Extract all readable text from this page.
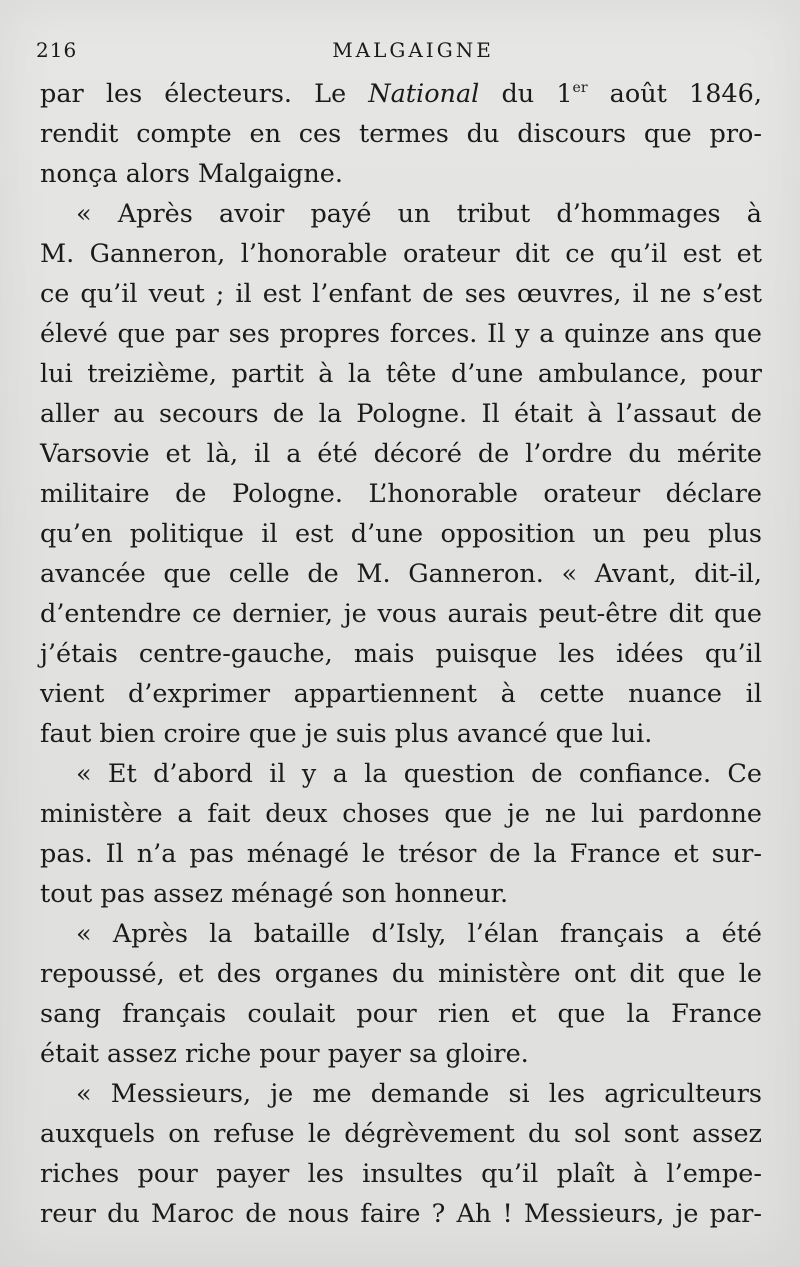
216	MALGAIGNE
par les électeurs. Le National du 1er août 1846,
rendit compte en ces termes du discours que pro-
nonça alors Malgaigne.
« Après avoir payé un tribut d’hommages à
M. Ganneron, l’honorable orateur dit ce qu’il est et
ce qu’il veut ; il est l’enfant de ses œuvres, il ne s’est
élevé que par ses propres forces. Il y a quinze ans que
lui treizième, partit à la tête d’une ambulance, pour
aller au secours de la Pologne. Il était à l’assaut de
Varsovie et là, il a été décoré de l’ordre du mérite
militaire de Pologne. L’honorable orateur déclare
qu’en politique il est d’une opposition un peu plus
avancée que celle de M. Ganneron. « Avant, dit-il,
d’entendre ce dernier, je vous aurais peut-être dit que
j’étais centre-gauche, mais puisque les idées qu’il
vient d’exprimer appartiennent à cette nuance il
faut bien croire que je suis plus avancé que lui.
« Et d’abord il y a la question de confiance. Ce
ministère a fait deux choses que je ne lui pardonne
pas. Il n’a pas ménagé le trésor de la France et sur-
tout pas assez ménagé son honneur.
« Après la bataille d’Isly, l’élan français a été
repoussé, et des organes du ministère ont dit que le
sang français coulait pour rien et que la France
était assez riche pour payer sa gloire.
« Messieurs, je me demande si les agriculteurs
auxquels on refuse le dégrèvement du sol sont assez
riches pour payer les insultes qu’il plaît à l’empe-
reur du Maroc de nous faire ? Ah ! Messieurs, je par-
